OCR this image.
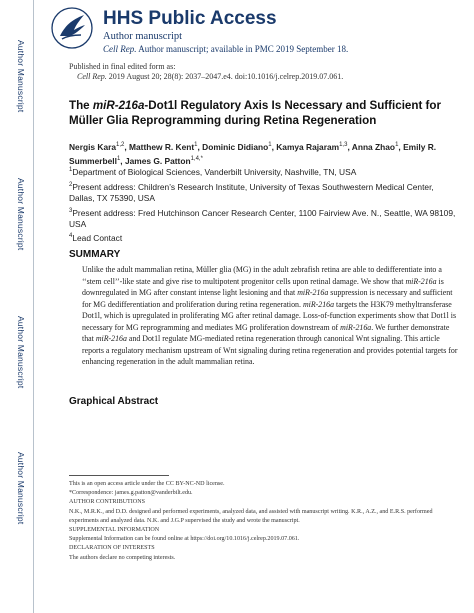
Author Manuscript
Author Manuscript
Author Manuscript
Author Manuscript
HHS Public Access
Author manuscript
Cell Rep. Author manuscript; available in PMC 2019 September 18.
Published in final edited form as:
Cell Rep. 2019 August 20; 28(8): 2037–2047.e4. doi:10.1016/j.celrep.2019.07.061.
The miR-216a-Dot1l Regulatory Axis Is Necessary and Sufficient for Müller Glia Reprogramming during Retina Regeneration
Nergis Kara$^{1,2}$, Matthew R. Kent$^1$, Dominic Didiano$^1$, Kamya Rajaram$^{1,3}$, Anna Zhao$^1$, Emily R. Summerbell$^1$, James G. Patton$^{1,4,*}$
$^1$Department of Biological Sciences, Vanderbilt University, Nashville, TN, USA
$^2$Present address: Children’s Research Institute, University of Texas Southwestern Medical Center, Dallas, TX 75390, USA
$^3$Present address: Fred Hutchinson Cancer Research Center, 1100 Fairview Ave. N., Seattle, WA 98109, USA
$^4$Lead Contact
SUMMARY
Unlike the adult mammalian retina, Müller glia (MG) in the adult zebrafish retina are able to dedifferentiate into a ‘‘stem cell’’-like state and give rise to multipotent progenitor cells upon retinal damage. We show that miR-216a is downregulated in MG after constant intense light lesioning and that miR-216a suppression is necessary and sufficient for MG dedifferentiation and proliferation during retina regeneration. miR-216a targets the H3K79 methyltransferase Dot1l, which is upregulated in proliferating MG after retinal damage. Loss-of-function experiments show that Dot1l is necessary for MG reprogramming and mediates MG proliferation downstream of miR-216a. We further demonstrate that miR-216a and Dot1l regulate MG-mediated retina regeneration through canonical Wnt signaling. This article reports a regulatory mechanism upstream of Wnt signaling during retina regeneration and provides potential targets for enhancing regeneration in the adult mammalian retina.
Graphical Abstract
This is an open access article under the CC BY-NC-ND license.
*Correspondence: james.g.patton@vanderbilt.edu.
AUTHOR CONTRIBUTIONS
N.K., M.R.K., and D.D. designed and performed experiments, analyzed data, and assisted with manuscript writing. K.R., A.Z., and E.R.S. performed experiments and analyzed data. N.K. and J.G.P supervised the study and wrote the manuscript.
SUPPLEMENTAL INFORMATION
Supplemental Information can be found online at https://doi.org/10.1016/j.celrep.2019.07.061.
DECLARATION OF INTERESTS
The authors declare no competing interests.
